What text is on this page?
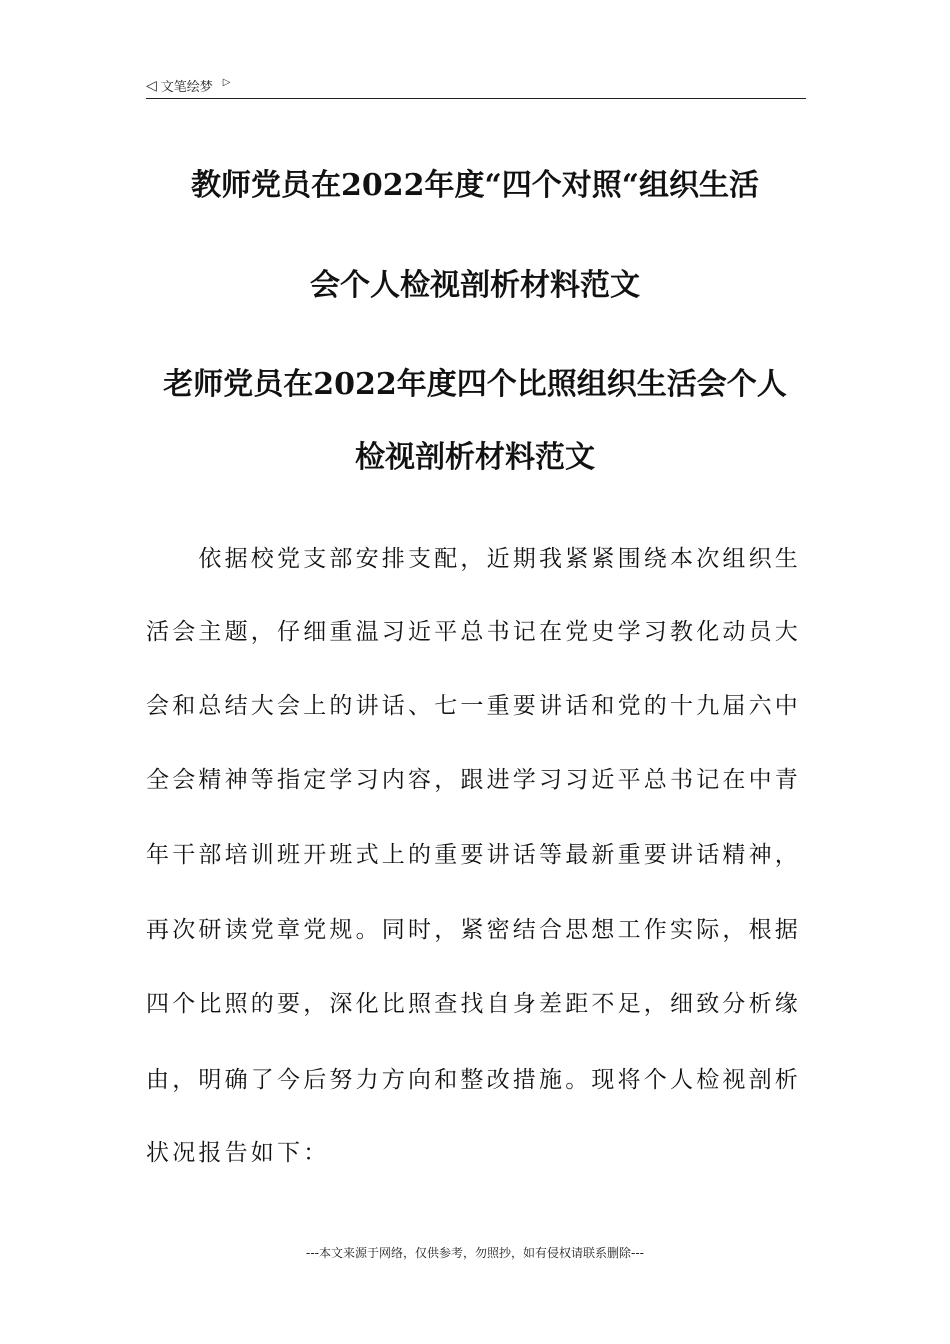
◁ 文笔绘梦 ▷
教师党员在2022年度“四个对照“组织生活
会个人检视剖析材料范文
老师党员在2022年度四个比照组织生活会个人
检视剖析材料范文
　　依据校党支部安排支配，近期我紧紧围绕本次组织生
活会主题，仔细重温习近平总书记在党史学习教化动员大
会和总结大会上的讲话、七一重要讲话和党的十九届六中
全会精神等指定学习内容，跟进学习习近平总书记在中青
年干部培训班开班式上的重要讲话等最新重要讲话精神，
再次研读党章党规。同时，紧密结合思想工作实际，根据
四个比照的要，深化比照查找自身差距不足，细致分析缘
由，明确了今后努力方向和整改措施。现将个人检视剖析
状况报告如下：
---本文来源于网络，仅供参考，勿照抄，如有侵权请联系删除---
